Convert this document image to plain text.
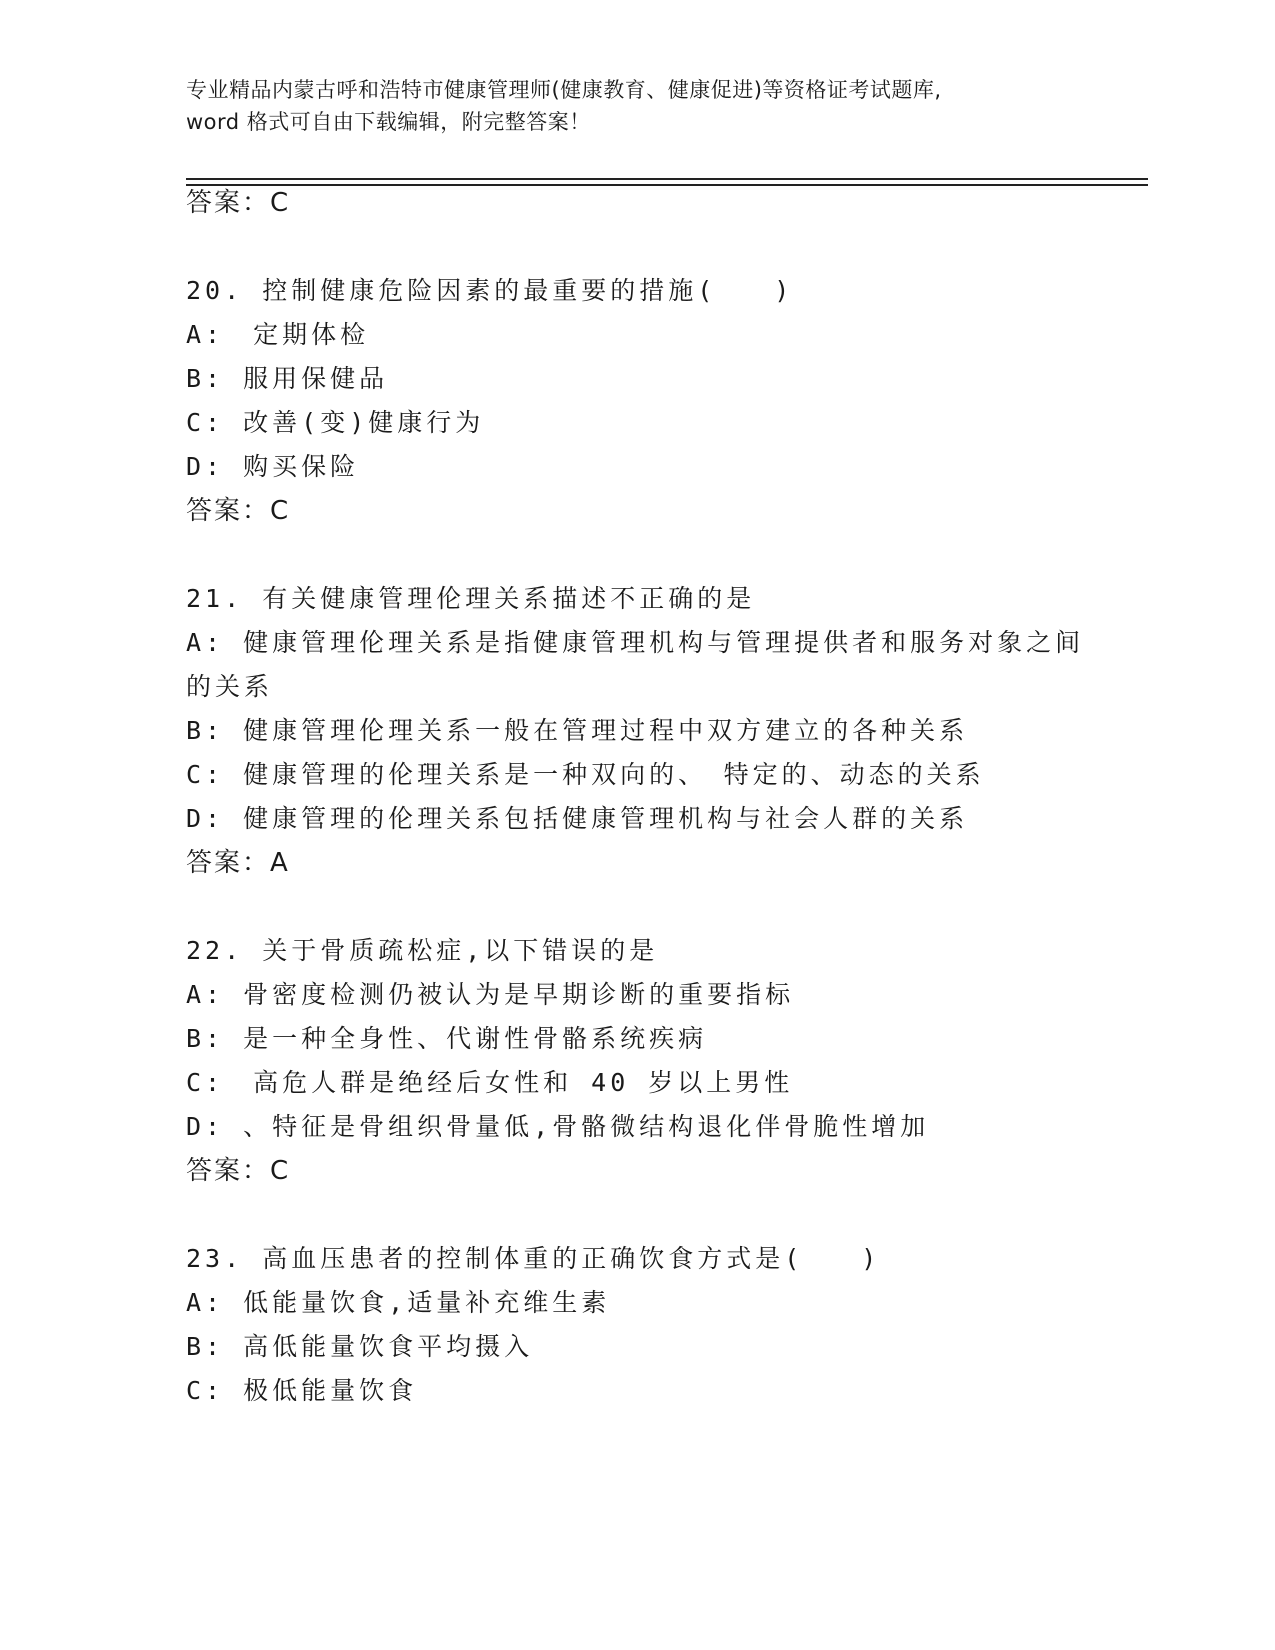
专业精品内蒙古呼和浩特市健康管理师(健康教育、健康促进)等资格证考试题库,
word 格式可自由下载编辑，附完整答案！
答案：C
20. 控制健康危险因素的最重要的措施(　　)
A:　定期体检
B: 服用保健品
C: 改善(变)健康行为
D: 购买保险
答案：C
21. 有关健康管理伦理关系描述不正确的是
A: 健康管理伦理关系是指健康管理机构与管理提供者和服务对象之间
的关系
B: 健康管理伦理关系一般在管理过程中双方建立的各种关系
C: 健康管理的伦理关系是一种双向的、　特定的、动态的关系
D: 健康管理的伦理关系包括健康管理机构与社会人群的关系
答案：A
22. 关于骨质疏松症,以下错误的是
A: 骨密度检测仍被认为是早期诊断的重要指标
B: 是一种全身性、代谢性骨骼系统疾病
C:　高危人群是绝经后女性和 40 岁以上男性
D: 、特征是骨组织骨量低,骨骼微结构退化伴骨脆性增加
答案：C
23. 高血压患者的控制体重的正确饮食方式是(　　)
A: 低能量饮食,适量补充维生素
B: 高低能量饮食平均摄入
C: 极低能量饮食
